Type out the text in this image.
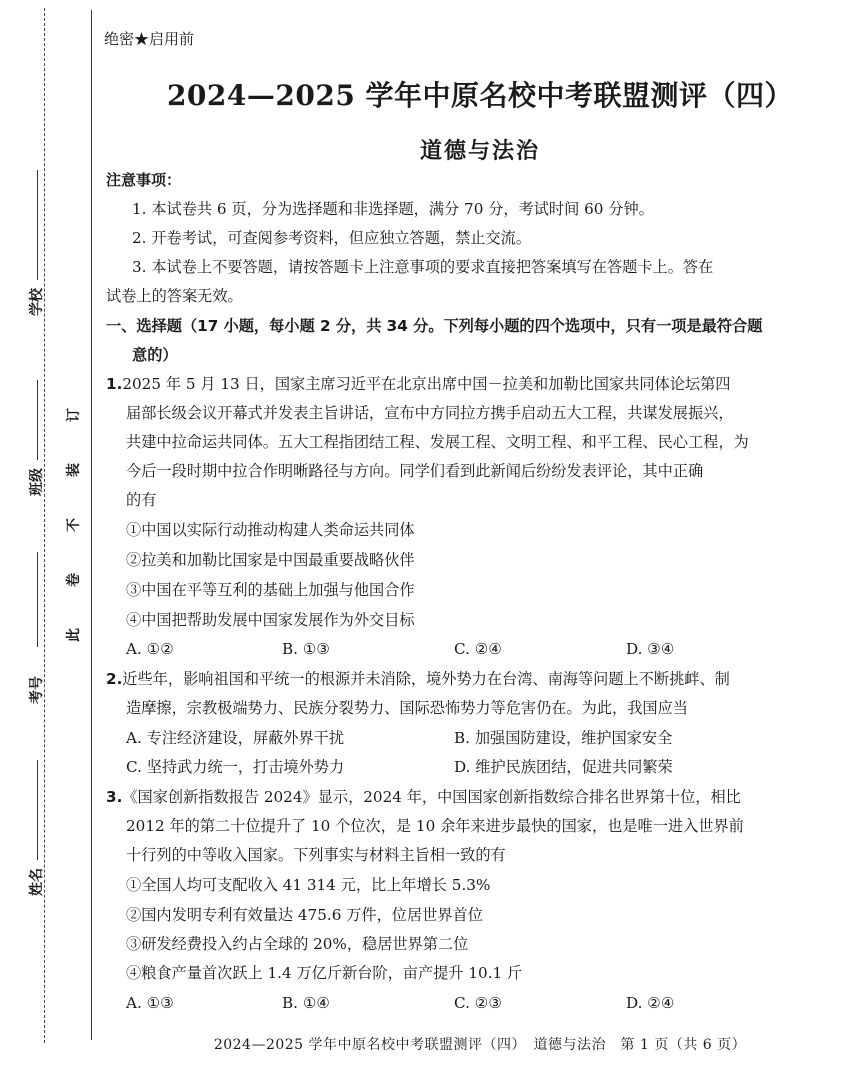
学校
班级
考号
姓名
此
卷
不
装
订
绝密★启用前
2024—2025 学年中原名校中考联盟测评（四）
道德与法治
注意事项：
1. 本试卷共 6 页，分为选择题和非选择题，满分 70 分，考试时间 60 分钟。
2. 开卷考试，可查阅参考资料，但应独立答题，禁止交流。
3. 本试卷上不要答题，请按答题卡上注意事项的要求直接把答案填写在答题卡上。答在
试卷上的答案无效。
一、选择题（17 小题，每小题 2 分，共 34 分。下列每小题的四个选项中，只有一项是最符合题
意的）
1.2025 年 5 月 13 日，国家主席习近平在北京出席中国－拉美和加勒比国家共同体论坛第四
届部长级会议开幕式并发表主旨讲话，宣布中方同拉方携手启动五大工程，共谋发展振兴，
共建中拉命运共同体。五大工程指团结工程、发展工程、文明工程、和平工程、民心工程，为
今后一段时期中拉合作明晰路径与方向。同学们看到此新闻后纷纷发表评论，其中正确
的有
①中国以实际行动推动构建人类命运共同体
②拉美和加勒比国家是中国最重要战略伙伴
③中国在平等互利的基础上加强与他国合作
④中国把帮助发展中国家发展作为外交目标
A. ①②	B. ①③	C. ②④	D. ③④
2.近些年，影响祖国和平统一的根源并未消除，境外势力在台湾、南海等问题上不断挑衅、制
造摩擦，宗教极端势力、民族分裂势力、国际恐怖势力等危害仍在。为此，我国应当
A. 专注经济建设，屏蔽外界干扰	B. 加强国防建设，维护国家安全
C. 坚持武力统一，打击境外势力	D. 维护民族团结，促进共同繁荣
3.《国家创新指数报告 2024》显示，2024 年，中国国家创新指数综合排名世界第十位，相比
2012 年的第二十位提升了 10 个位次，是 10 余年来进步最快的国家，也是唯一进入世界前
十行列的中等收入国家。下列事实与材料主旨相一致的有
①全国人均可支配收入 41 314 元，比上年增长 5.3%
②国内发明专利有效量达 475.6 万件，位居世界首位
③研发经费投入约占全球的 20%，稳居世界第二位
④粮食产量首次跃上 1.4 万亿斤新台阶，亩产提升 10.1 斤
A. ①③	B. ①④	C. ②③	D. ②④
2024—2025 学年中原名校中考联盟测评（四）　道德与法治　第 1 页（共 6 页）
